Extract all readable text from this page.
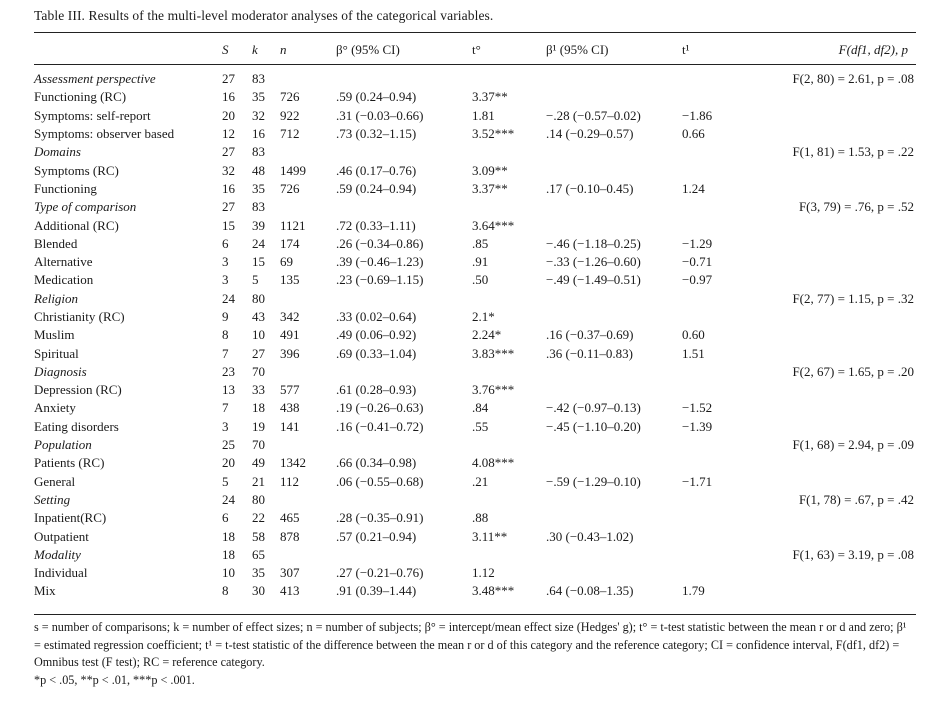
Table III. Results of the multi-level moderator analyses of the categorical variables.
	S	k	n	β° (95% CI)	t°	β¹ (95% CI)	t¹	F(df1, df2), p

Assessment perspective	27	83						F(2, 80) = 2.61, p = .08
Functioning (RC)	16	35	726	.59 (0.24–0.94)	3.37**			
Symptoms: self-report	20	32	922	.31 (−0.03–0.66)	1.81	−.28 (−0.57–0.02)	−1.86	
Symptoms: observer based	12	16	712	.73 (0.32–1.15)	3.52***	.14 (−0.29–0.57)	0.66	
Domains	27	83						F(1, 81) = 1.53, p = .22
Symptoms (RC)	32	48	1499	.46 (0.17–0.76)	3.09**			
Functioning	16	35	726	.59 (0.24–0.94)	3.37**	.17 (−0.10–0.45)	1.24	
Type of comparison	27	83						F(3, 79) = .76, p = .52
Additional (RC)	15	39	1121	.72 (0.33–1.11)	3.64***			
Blended	6	24	174	.26 (−0.34–0.86)	.85	−.46 (−1.18–0.25)	−1.29	
Alternative	3	15	69	.39 (−0.46–1.23)	.91	−.33 (−1.26–0.60)	−0.71	
Medication	3	5	135	.23 (−0.69–1.15)	.50	−.49 (−1.49–0.51)	−0.97	
Religion	24	80						F(2, 77) = 1.15, p = .32
Christianity (RC)	9	43	342	.33 (0.02–0.64)	2.1*			
Muslim	8	10	491	.49 (0.06–0.92)	2.24*	.16 (−0.37–0.69)	0.60	
Spiritual	7	27	396	.69 (0.33–1.04)	3.83***	.36 (−0.11–0.83)	1.51	
Diagnosis	23	70						F(2, 67) = 1.65, p = .20
Depression (RC)	13	33	577	.61 (0.28–0.93)	3.76***			
Anxiety	7	18	438	.19 (−0.26–0.63)	.84	−.42 (−0.97–0.13)	−1.52	
Eating disorders	3	19	141	.16 (−0.41–0.72)	.55	−.45 (−1.10–0.20)	−1.39	
Population	25	70						F(1, 68) = 2.94, p = .09
Patients (RC)	20	49	1342	.66 (0.34–0.98)	4.08***			
General	5	21	112	.06 (−0.55–0.68)	.21	−.59 (−1.29–0.10)	−1.71	
Setting	24	80						F(1, 78) = .67, p = .42
Inpatient(RC)	6	22	465	.28 (−0.35–0.91)	.88			
Outpatient	18	58	878	.57 (0.21–0.94)	3.11**	.30 (−0.43–1.02)		
Modality	18	65						F(1, 63) = 3.19, p = .08
Individual	10	35	307	.27 (−0.21–0.76)	1.12			
Mix	8	30	413	.91 (0.39–1.44)	3.48***	.64 (−0.08–1.35)	1.79	

s = number of comparisons; k = number of effect sizes; n = number of subjects; β° = intercept/mean effect size (Hedges' g); t° = t-test statistic between the mean r or d and zero; β¹ = estimated regression coefficient; t¹ = t-test statistic of the difference between the mean r or d of this category and the reference category; CI = confidence interval, F(df1, df2) = Omnibus test (F test); RC = reference category.

*p < .05, **p < .01, ***p < .001.
